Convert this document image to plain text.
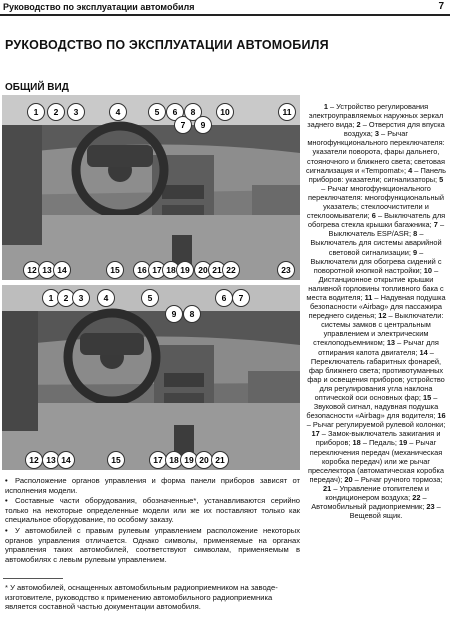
Руководство по эксплуатации автомобиля	7
РУКОВОДСТВО ПО ЭКСПЛУАТАЦИИ АВТОМОБИЛЯ
ОБЩИЙ ВИД
1	2	3	4	5	6
7
8
9
10	11
12 13 14	15	16 17 18 19	20 21 22	23
1	2	3	4	5	6	7
8
9
12 13 14	15	17 18 19 20 21
1 – Устройство регулирования электроуправляемых наружных зеркал заднего вида; 2 – Отверстия для впуска воздуха; 3 – Рычаг многофункционального переключателя: указатели поворота, фары дальнего, стояночного и ближнего света; световая сигнализация и «Tempomat»; 4 – Панель приборов: указатели; сигнализаторы; 5 – Рычаг многофункционального переключателя: многофункциональный указатель; стеклоочистители и стеклоомыватели; 6 – Выключатель для обогрева стекла крышки багажника; 7 – Выключатель ESP/ASR; 8 – Выключатель для системы аварийной световой сигнализации; 9 – Выключатели для обогрева сидений с поворотной кнопкой настройки; 10 – Дистанционное открытие крышки наливной горловины топливного бака с места водителя; 11 – Надувная подушка безопасности «Airbag» для пассажира переднего сиденья; 12 – Выключатели: системы замков с центральным управлением и электрическим стеклоподъемником; 13 – Рычаг для отпирания капота двигателя; 14 – Переключатель габаритных фонарей, фар ближнего света; противотуманных фар и освещения приборов; устройство для регулирования угла наклона оптической оси основных фар; 15 – Звуковой сигнал, надувная подушка безопасности «Airbag» для водителя; 16 – Рычаг регулируемой рулевой колонки; 17 – Замок-выключатель зажигания и приборов; 18 – Педаль; 19 – Рычаг переключения передач (механическая коробка передач) или же рычаг преселектора (автоматическая коробка передач); 20 – Рычаг ручного тормоза; 21 – Управление отопителем и кондиционером воздуха; 22 – Автомобильный радиоприемник; 23 – Вещевой ящик.

• Расположение органов управления и форма панели приборов зависят от исполнения модели.

• Составные части оборудования, обозначенные*, устанавливаются серийно только на некоторые определенные модели или же их поставляют только как специальное оборудование, по особому заказу.

• У автомобилей с правым рулевым управлением расположение некоторых органов управления отличается. Однако символы, применяемые на органах управления таких автомобилей, соответствуют символам, применяемым в автомобилях с левым рулевым управлением.

* У автомобилей, оснащенных автомобильным радиоприемником на заводе-изготовителе, руководство к применению автомобильного радиоприемника является составной частью документации автомобиля.
